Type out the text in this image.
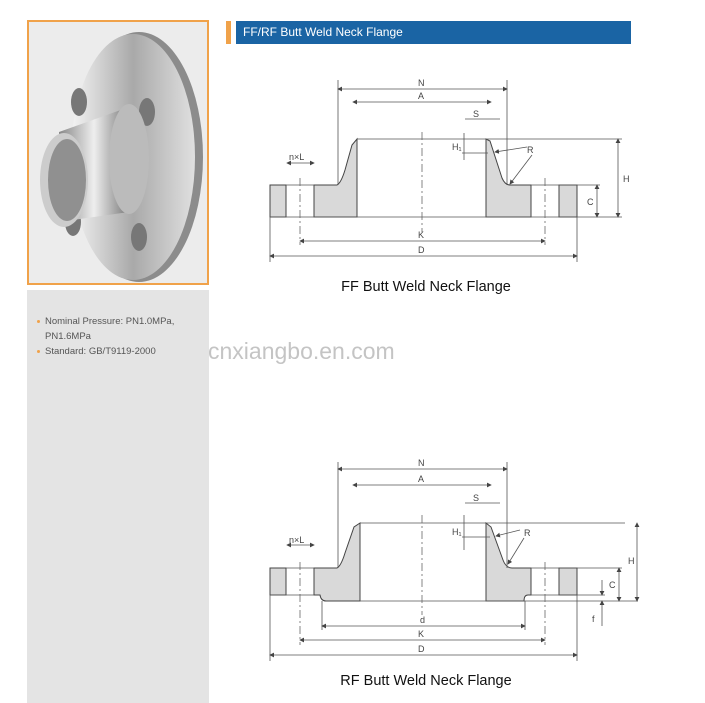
Nominal Pressure: PN1.0MPa, PN1.6MPa
Standard: GB/T9119-2000
FF/RF Butt Weld Neck Flange
cnxiangbo.en.com
N
A
S
H₁	R
n×L
H
C
K
D
N
A
S
H₁	R
n×L
H
C
f
d
K
D
FF Butt Weld Neck Flange
RF Butt Weld Neck Flange
